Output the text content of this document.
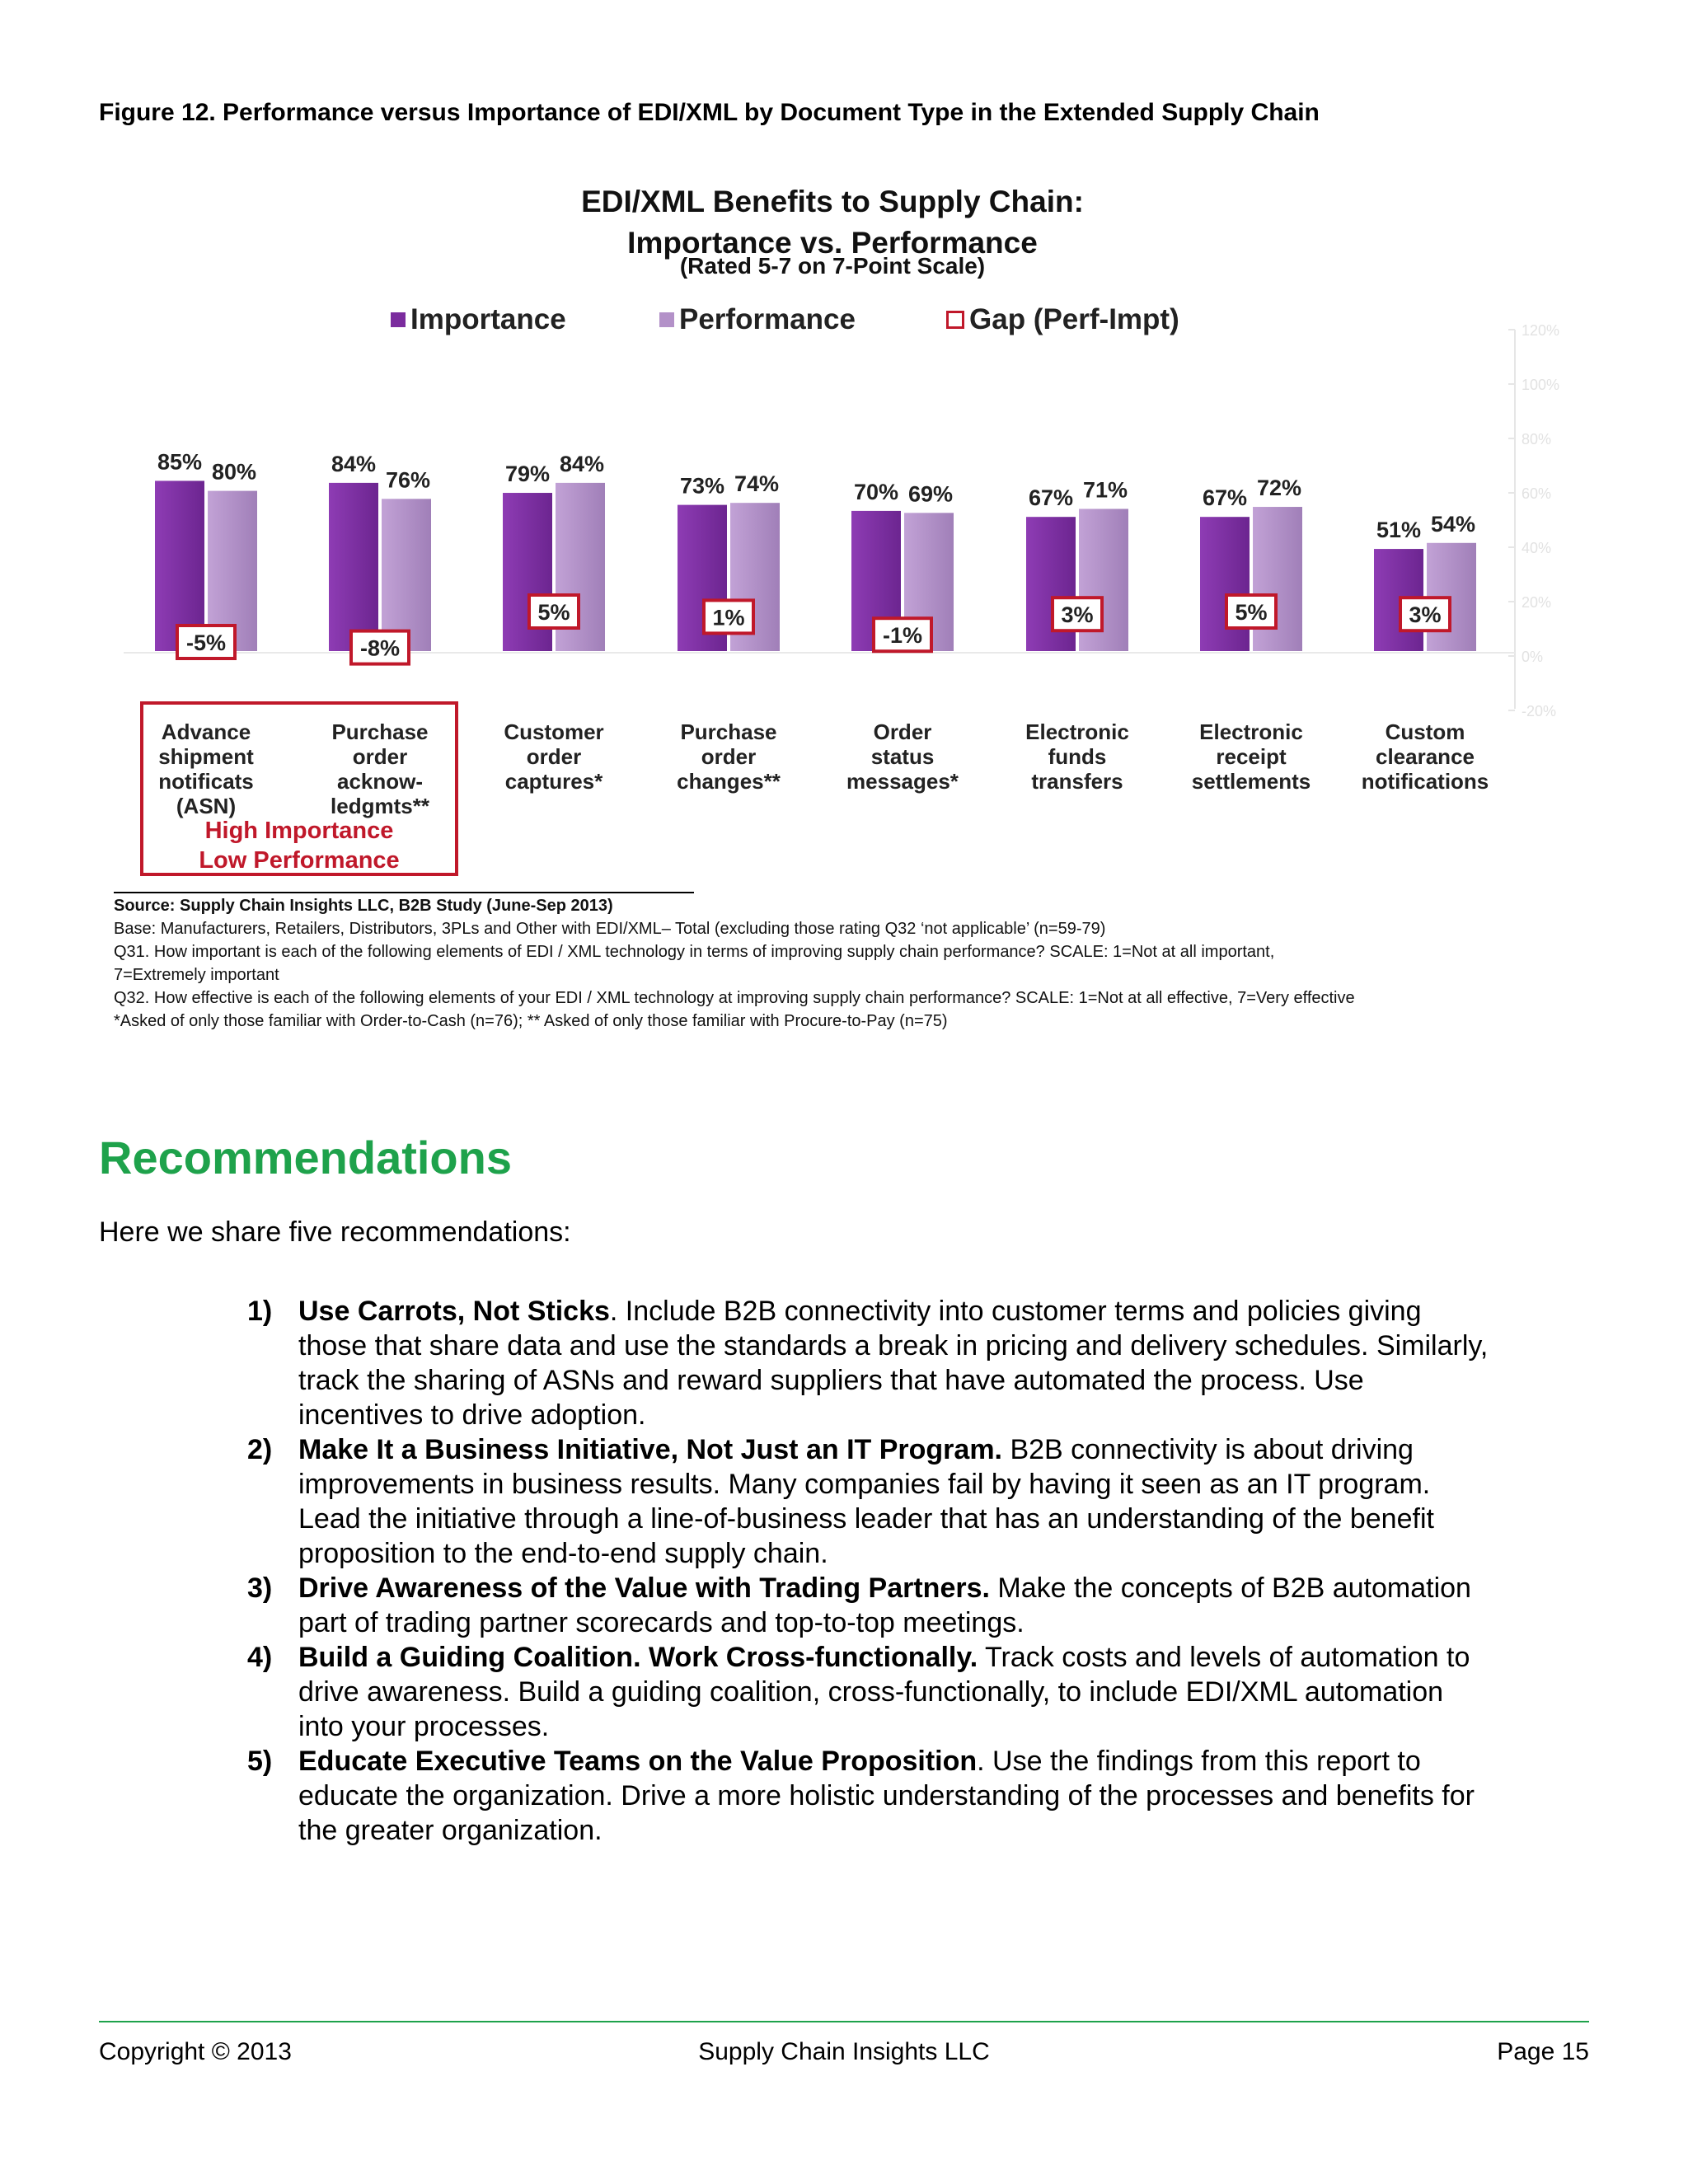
Figure 12. Performance versus Importance of EDI/XML by Document Type in the Extended Supply Chain
EDI/XML Benefits to Supply Chain:
Importance vs. Performance
(Rated 5-7 on 7-Point Scale)
Importance	Performance	Gap (Perf-Impt)	120%
100%
80%
60%
40%
20%
0%
-20%
85% 80%
-5%
84%
76%
-8%
79% 84%
5%
73% 74%
1%
70% 69%
-1%
67% 71%
3%
67% 72%
5%
51% 54%
3%
Advance
shipment
notificats
(ASN)
Purchase
order
acknow-
ledgmts**
Customer
order
captures*
Purchase
order
changes**
Order
status
messages*
Electronic
funds
transfers
Electronic
receipt
settlements
Custom
clearance
notifications
High Importance
Low Performance
Source: Supply Chain Insights LLC, B2B Study (June-Sep 2013)
Base: Manufacturers, Retailers, Distributors, 3PLs and Other with EDI/XML– Total (excluding those rating Q32 ‘not applicable’ (n=59-79)
Q31. How important is each of the following elements of EDI / XML technology in terms of improving supply chain performance? SCALE: 1=Not at all important,
7=Extremely important
Q32. How effective is each of the following elements of your EDI / XML technology at improving supply chain performance? SCALE: 1=Not at all effective, 7=Very effective
*Asked of only those familiar with Order-to-Cash (n=76); ** Asked of only those familiar with Procure-to-Pay (n=75)
Recommendations
Here we share five recommendations:
1) Use Carrots, Not Sticks. Include B2B connectivity into customer terms and policies giving
those that share data and use the standards a break in pricing and delivery schedules. Similarly,
track the sharing of ASNs and reward suppliers that have automated the process. Use
incentives to drive adoption.
2) Make It a Business Initiative, Not Just an IT Program. B2B connectivity is about driving
improvements in business results. Many companies fail by having it seen as an IT program.
Lead the initiative through a line-of-business leader that has an understanding of the benefit
proposition to the end-to-end supply chain.
3) Drive Awareness of the Value with Trading Partners. Make the concepts of B2B automation
part of trading partner scorecards and top-to-top meetings.
4) Build a Guiding Coalition. Work Cross-functionally. Track costs and levels of automation to
drive awareness. Build a guiding coalition, cross-functionally, to include EDI/XML automation
into your processes.
5) Educate Executive Teams on the Value Proposition. Use the findings from this report to
educate the organization. Drive a more holistic understanding of the processes and benefits for
the greater organization.
Copyright © 2013	Supply Chain Insights LLC	Page 15
